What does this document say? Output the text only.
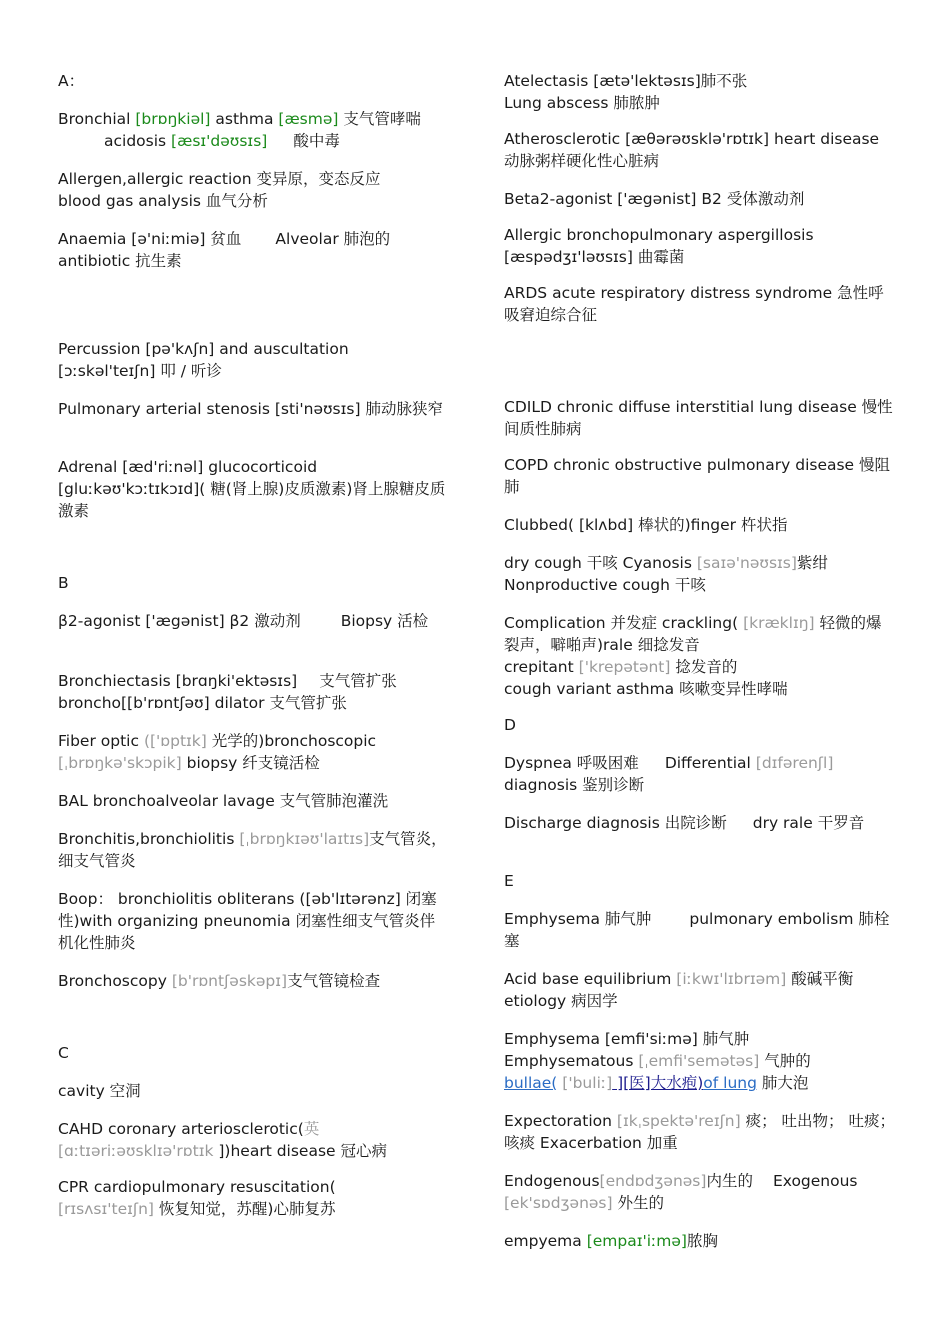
A：
Bronchial [brɒŋkiəl] asthma [æsmə] 支气管哮喘
acidosis [æsɪ'dəʊsɪs] 酸中毒
Allergen,allergic reaction 变异原，变态反应
blood gas analysis 血气分析
Anaemia [ə'niːmiə] 贫血 Alveolar 肺泡的
antibiotic 抗生素
Percussion [pə'kʌʃn] and auscultation [ɔːskəl'teɪʃn] 叩 / 听诊
Pulmonary arterial stenosis [sti'nəʊsɪs] 肺动脉狭窄
Adrenal [æd'riːnəl] glucocorticoid [gluːkəʊ'kɔːtɪkɔɪd]( 糖(肾上腺)皮质激素)肾上腺糖皮质激素
B
β2-agonist ['ægənist] β2 激动剂	Biopsy 活检
Bronchiectasis [brɑŋki'ektəsɪs] 支气管扩张
broncho[[b'rɒntʃəʊ] dilator 支气管扩张
Fiber optic (['ɒptɪk] 光学的)bronchoscopic
[ˌbrɒŋkə'skɔpik] biopsy 纤支镜活检
BAL bronchoalveolar lavage 支气管肺泡灌洗
Bronchitis,bronchiolitis [ˌbrɒŋkɪəʊ'laɪtɪs]支气管炎，细支气管炎
Boop： bronchiolitis obliterans ([əb'lɪtərənz] 闭塞性)with organizing pneunomia 闭塞性细支气管炎伴机化性肺炎
Bronchoscopy [b'rɒntʃəskəpɪ]支气管镜检查
C
cavity 空洞
CAHD coronary arteriosclerotic(英 [ɑːtɪəriːəʊsklɪə'rɒtɪk ])heart disease 冠心病
CPR cardiopulmonary resuscitation(
[rɪsʌsɪ'teɪʃn] 恢复知觉，苏醒)心肺复苏
Atelectasis [ætə'lektəsɪs]肺不张
Lung abscess 肺脓肿
Atherosclerotic [æθərəʊsklə'rɒtɪk] heart disease 动脉粥样硬化性心脏病
Beta2-agonist ['ægənist] B2 受体激动剂
Allergic bronchopulmonary aspergillosis [æspədʒɪ'ləʊsɪs] 曲霉菌
ARDS acute respiratory distress syndrome 急性呼吸窘迫综合征
CDILD chronic diffuse interstitial lung disease 慢性间质性肺病
COPD chronic obstructive pulmonary disease 慢阻肺
Clubbed( [klʌbd] 棒状的)finger 杵状指
dry cough 干咳 Cyanosis [saɪə'nəʊsɪs]紫绀
Nonproductive cough 干咳
Complication 并发症 crackling( [kræklɪŋ] 轻微的爆裂声，噼啪声)rale 细捻发音
crepitant ['krepətənt] 捻发音的
cough variant asthma 咳嗽变异性哮喘
D
Dyspnea 呼吸困难 Differential [dɪfərenʃl]
diagnosis 鉴别诊断
Discharge diagnosis 出院诊断 dry rale 干罗音
E
Emphysema 肺气肿 pulmonary embolism 肺栓塞
Acid base equilibrium [iːkwɪ'lɪbrɪəm] 酸碱平衡
etiology 病因学
Emphysema [emfi'siːmə] 肺气肿
Emphysematous [ˌemfi'semətəs] 气肿的
bullae( ['buliː] ][医]大水疱)of lung 肺大泡
Expectoration [ɪkˌspektə'reɪʃn] 痰； 吐出物； 吐痰； 咳痰 Exacerbation 加重
Endogenous[endɒdʒənəs]内生的 Exogenous
[ek'sɒdʒənəs] 外生的
empyema [empaɪ'iːmə]脓胸
